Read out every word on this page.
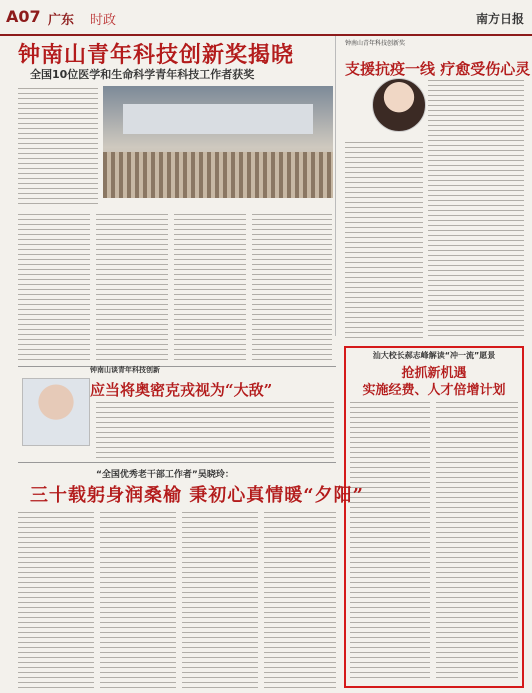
A07 广东 时政	南方日报
钟南山青年科技创新奖揭晓
全国10位医学和生命科学青年科技工作者获奖
钟南山青年科技创新奖
支援抗疫一线 疗愈受伤心灵
钟南山谈青年科技创新
应当将奥密克戎视为“大敌”
汕大校长郝志峰解读“冲一流”愿景
抢抓新机遇
实施经费、人才倍增计划
“全国优秀老干部工作者”吴晓玲：
三十载躬身润桑榆 秉初心真情暖“夕阳”
